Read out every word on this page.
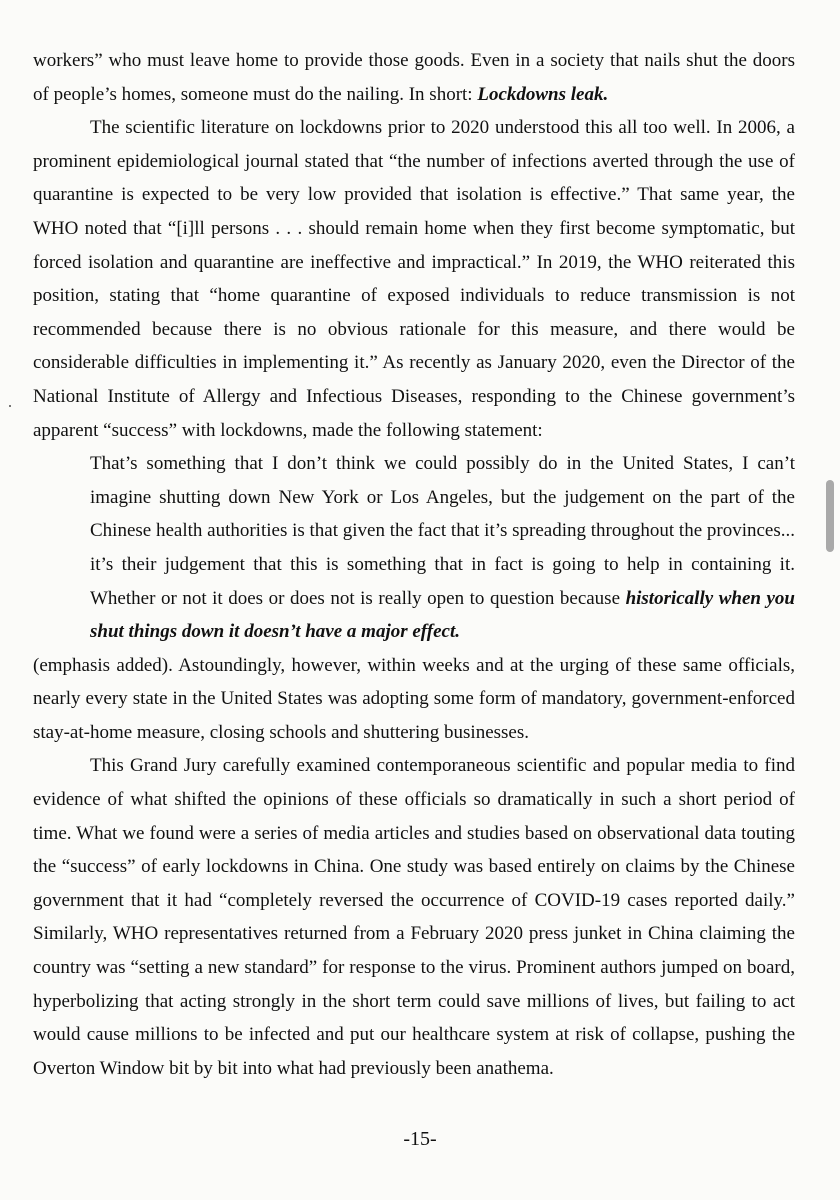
workers” who must leave home to provide those goods. Even in a society that nails shut the doors of people’s homes, someone must do the nailing. In short: Lockdowns leak.

The scientific literature on lockdowns prior to 2020 understood this all too well. In 2006, a prominent epidemiological journal stated that “the number of infections averted through the use of quarantine is expected to be very low provided that isolation is effective.” That same year, the WHO noted that “[i]ll persons . . . should remain home when they first become symptomatic, but forced isolation and quarantine are ineffective and impractical.” In 2019, the WHO reiterated this position, stating that “home quarantine of exposed individuals to reduce transmission is not recommended because there is no obvious rationale for this measure, and there would be considerable difficulties in implementing it.” As recently as January 2020, even the Director of the National Institute of Allergy and Infectious Diseases, responding to the Chinese government’s apparent “success” with lockdowns, made the following statement:

That’s something that I don’t think we could possibly do in the United States, I can’t imagine shutting down New York or Los Angeles, but the judgement on the part of the Chinese health authorities is that given the fact that it’s spreading throughout the provinces... it’s their judgement that this is something that in fact is going to help in containing it. Whether or not it does or does not is really open to question because historically when you shut things down it doesn’t have a major effect.

(emphasis added). Astoundingly, however, within weeks and at the urging of these same officials, nearly every state in the United States was adopting some form of mandatory, government-enforced stay-at-home measure, closing schools and shuttering businesses.

This Grand Jury carefully examined contemporaneous scientific and popular media to find evidence of what shifted the opinions of these officials so dramatically in such a short period of time. What we found were a series of media articles and studies based on observational data touting the “success” of early lockdowns in China. One study was based entirely on claims by the Chinese government that it had “completely reversed the occurrence of COVID-19 cases reported daily.” Similarly, WHO representatives returned from a February 2020 press junket in China claiming the country was “setting a new standard” for response to the virus. Prominent authors jumped on board, hyperbolizing that acting strongly in the short term could save millions of lives, but failing to act would cause millions to be infected and put our healthcare system at risk of collapse, pushing the Overton Window bit by bit into what had previously been anathema.

-15-
